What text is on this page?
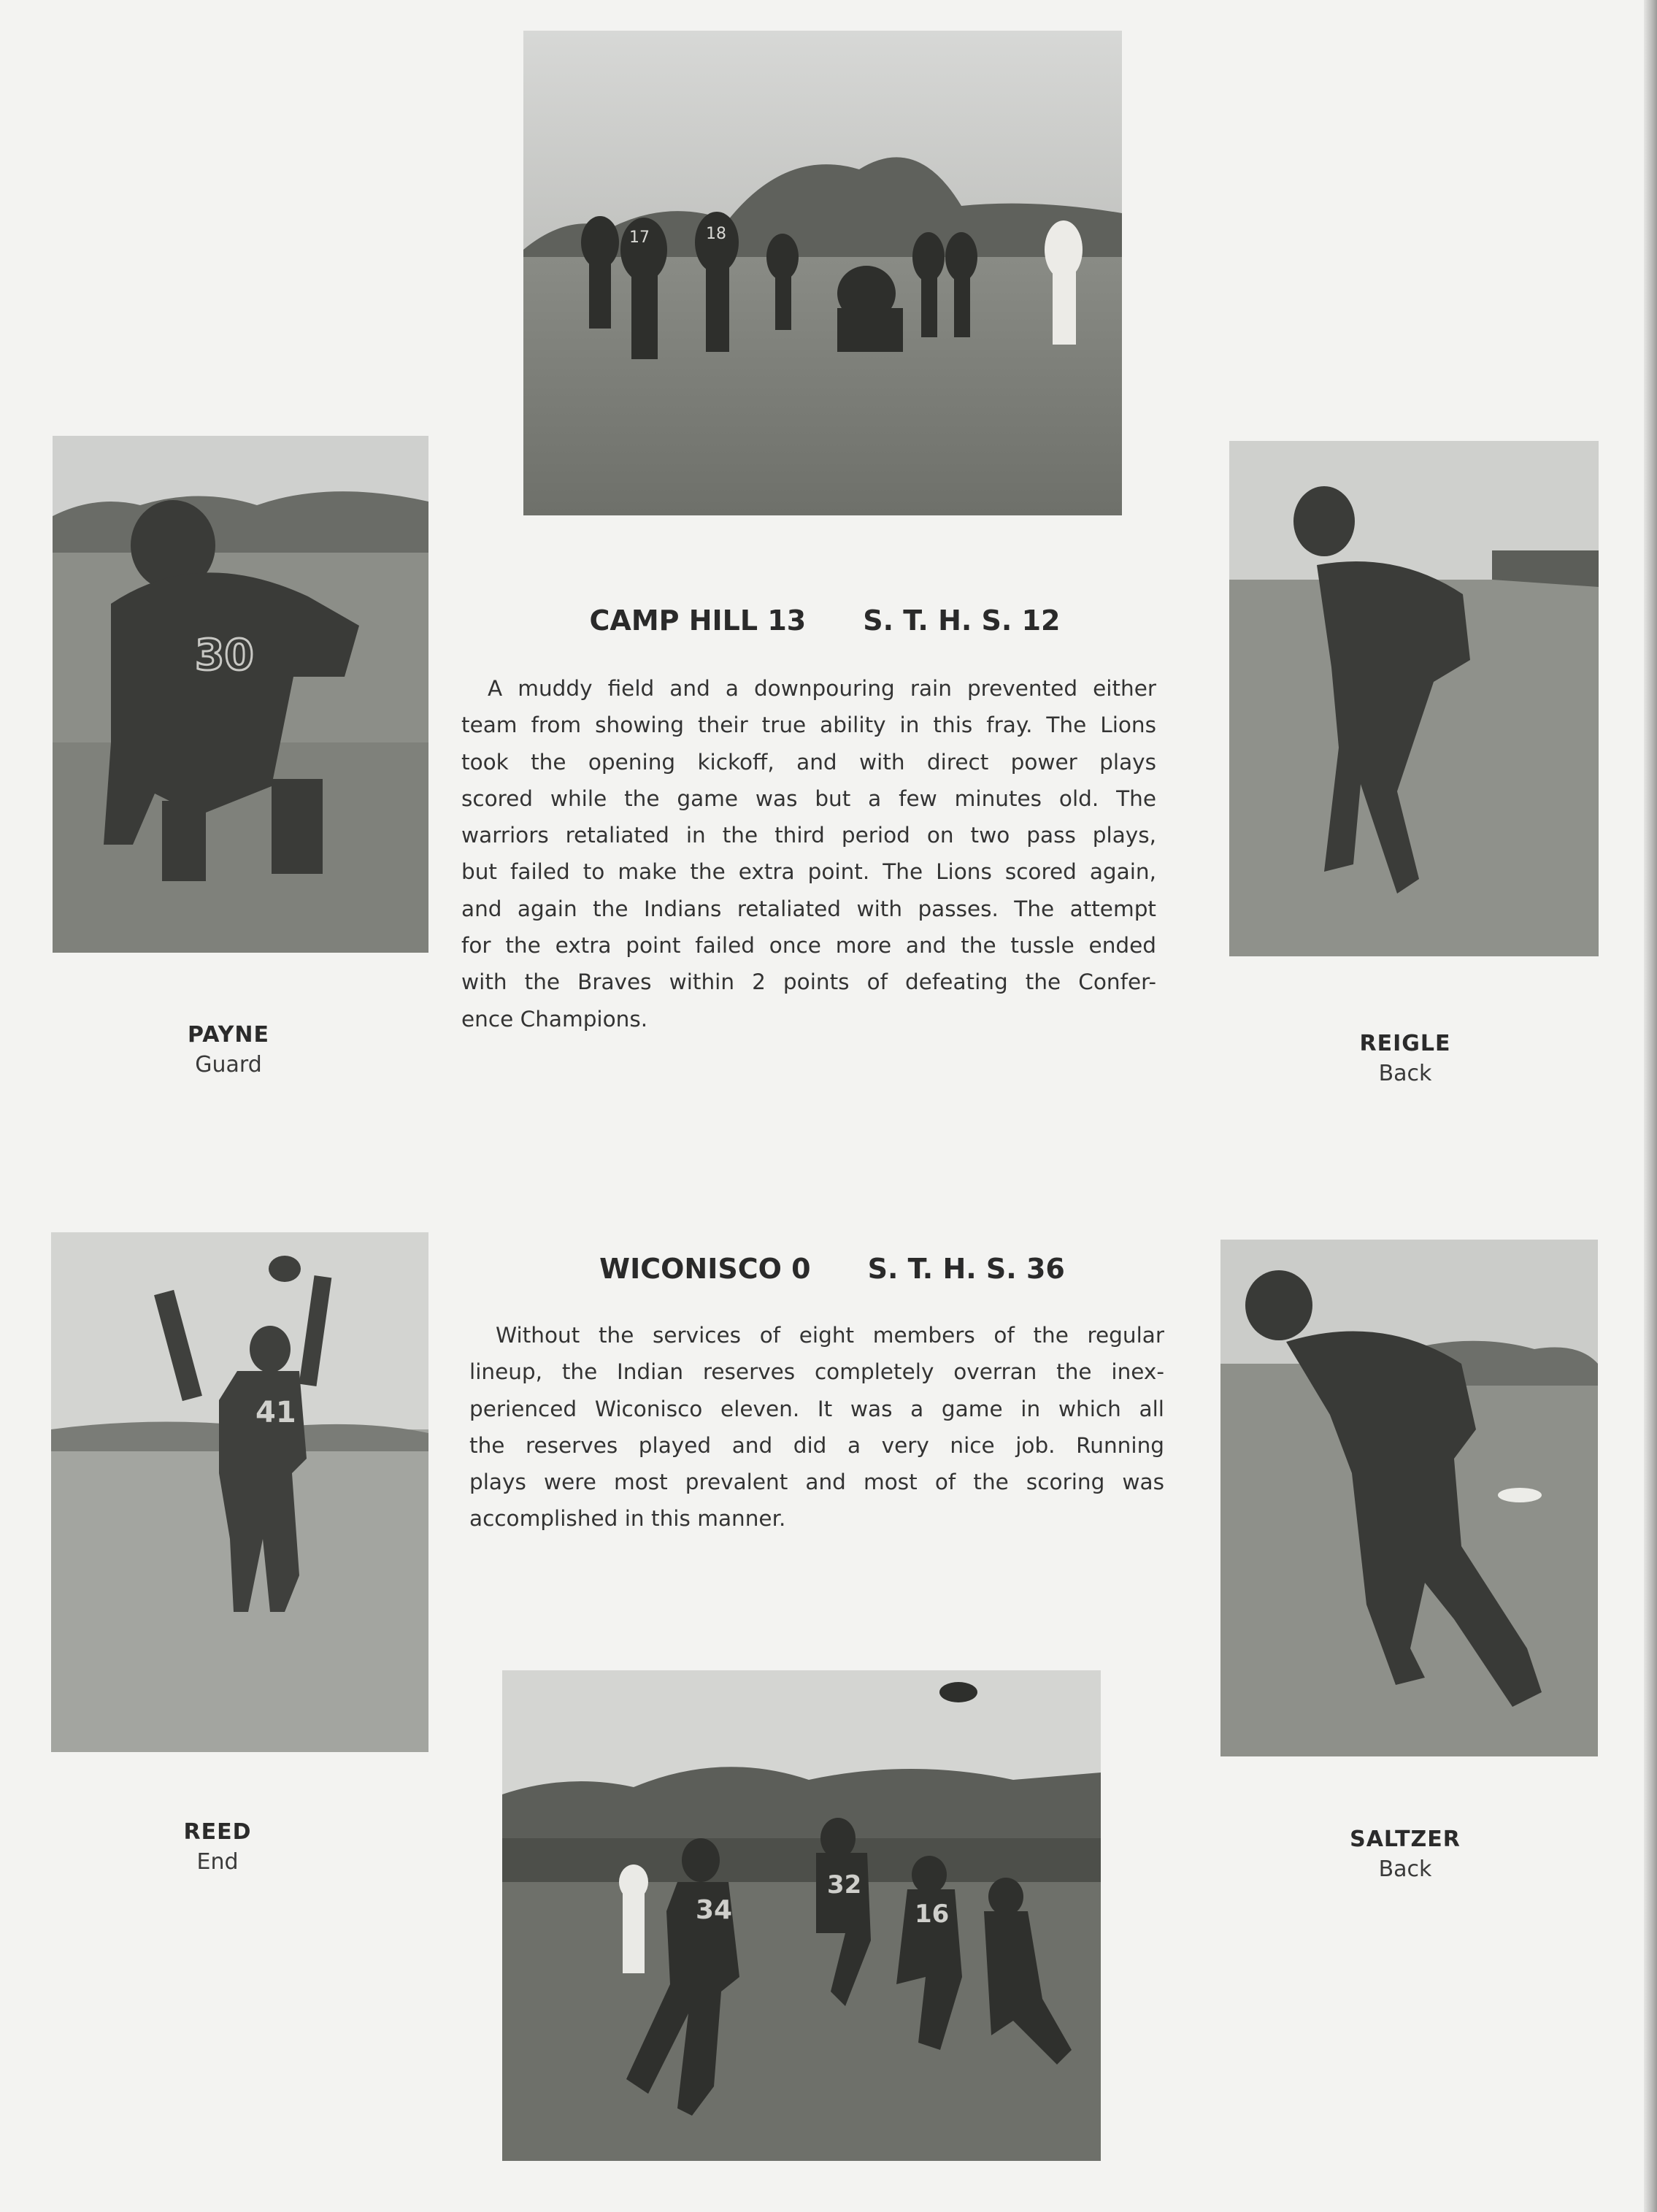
17	18
30
CAMP HILL 13 S. T. H. S. 12
A muddy field and a downpouring rain prevented either
team from showing their true ability in this fray. The Lions
took the opening kickoff, and with direct power plays
scored while the game was but a few minutes old. The
warriors retaliated in the third period on two pass plays,
but failed to make the extra point. The Lions scored again,
and again the Indians retaliated with passes. The attempt
for the extra point failed once more and the tussle ended
with the Braves within 2 points of defeating the Confer-
ence Champions.
PAYNE
Guard
REIGLE
Back
41
WICONISCO 0 S. T. H. S. 36
Without the services of eight members of the regular
lineup, the Indian reserves completely overran the inex-
perienced Wiconisco eleven. It was a game in which all
the reserves played and did a very nice job. Running
plays were most prevalent and most of the scoring was
accomplished in this manner.
34
32
16
REED
End
SALTZER
Back
